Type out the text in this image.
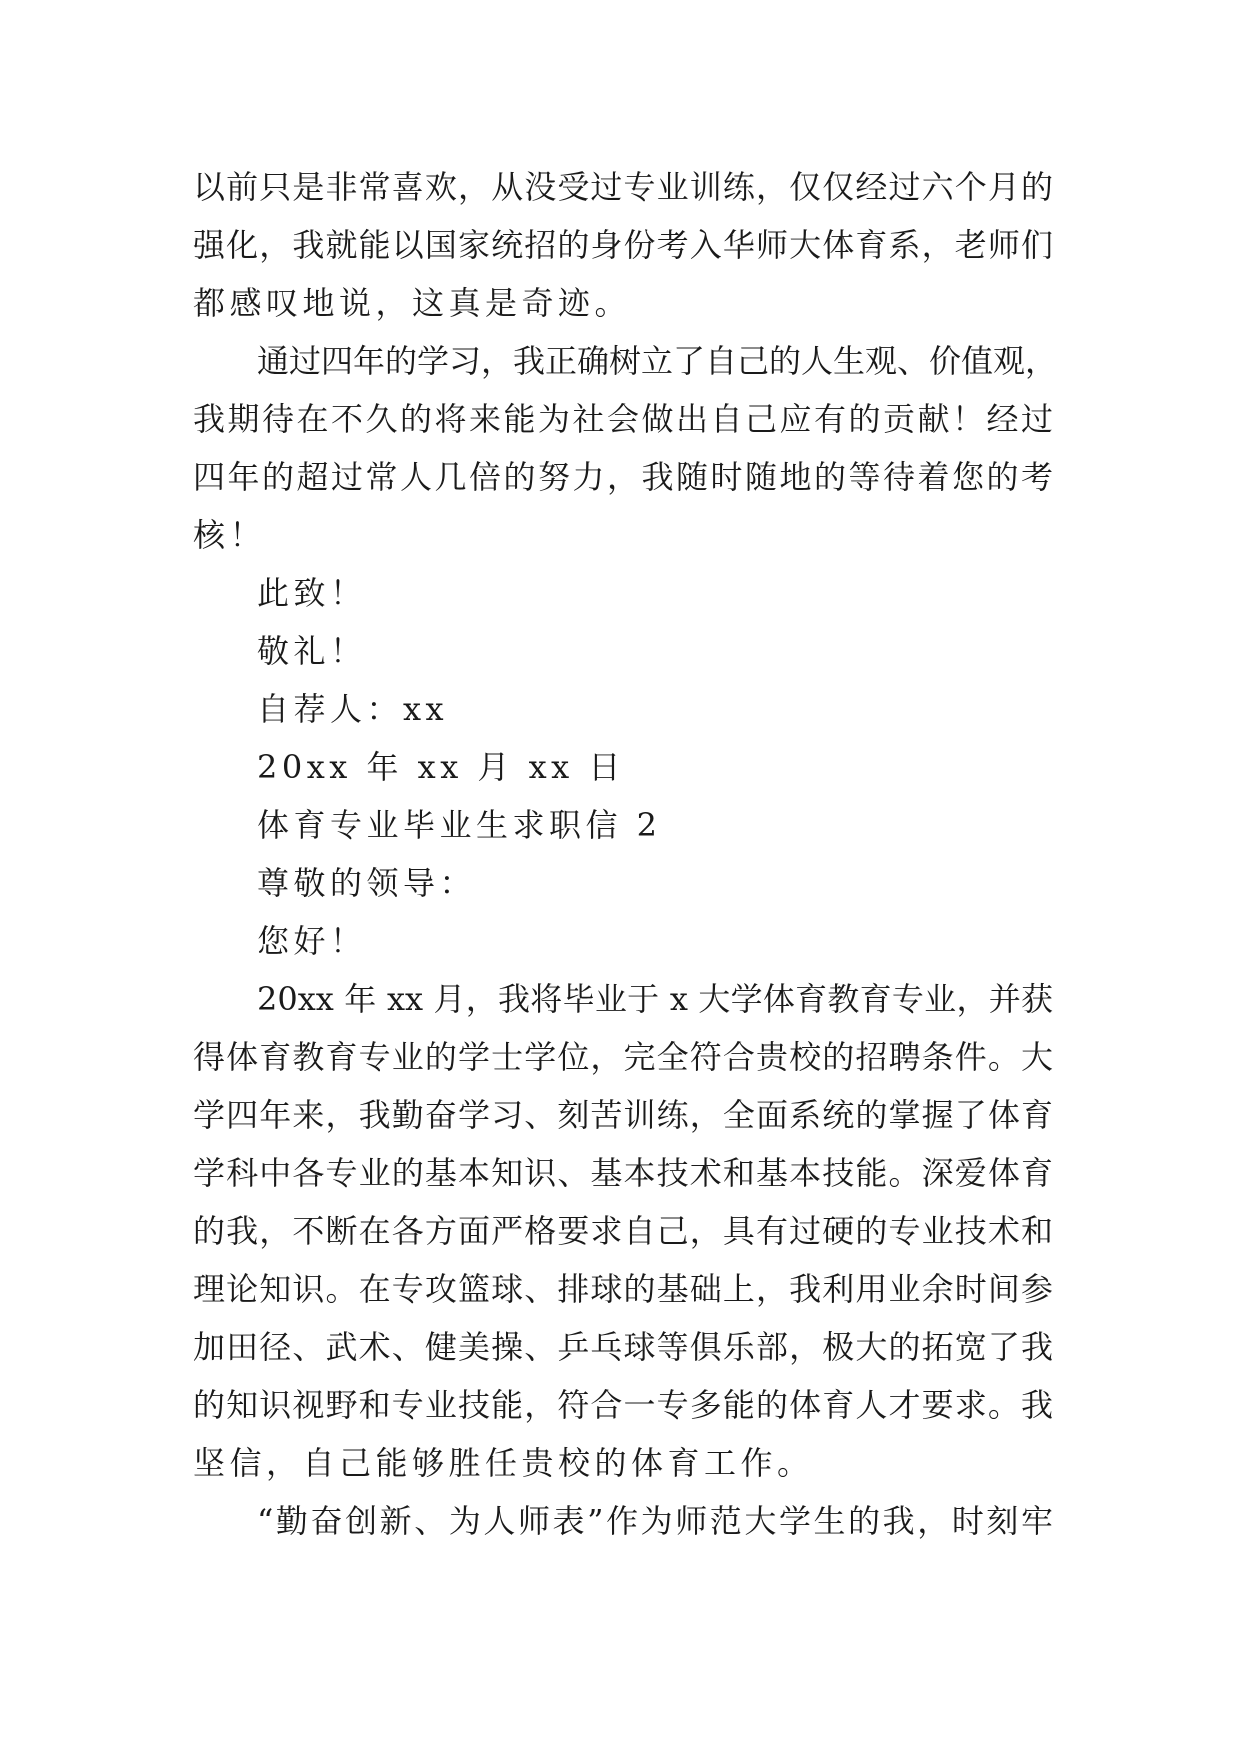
以前只是非常喜欢，从没受过专业训练，仅仅经过六个月的
强化，我就能以国家统招的身份考入华师大体育系，老师们
都感叹地说，这真是奇迹。
通过四年的学习，我正确树立了自己的人生观、价值观，
我期待在不久的将来能为社会做出自己应有的贡献！经过
四年的超过常人几倍的努力，我随时随地的等待着您的考
核！
此致！
敬礼！
自荐人：xx
20xx 年 xx 月 xx 日
体育专业毕业生求职信 2
尊敬的领导：
您好！
20xx 年 xx 月，我将毕业于 x 大学体育教育专业，并获
得体育教育专业的学士学位，完全符合贵校的招聘条件。大
学四年来，我勤奋学习、刻苦训练，全面系统的掌握了体育
学科中各专业的基本知识、基本技术和基本技能。深爱体育
的我，不断在各方面严格要求自己，具有过硬的专业技术和
理论知识。在专攻篮球、排球的基础上，我利用业余时间参
加田径、武术、健美操、乒乓球等俱乐部，极大的拓宽了我
的知识视野和专业技能，符合一专多能的体育人才要求。我
坚信，自己能够胜任贵校的体育工作。
“勤奋创新、为人师表”作为师范大学生的我，时刻牢
